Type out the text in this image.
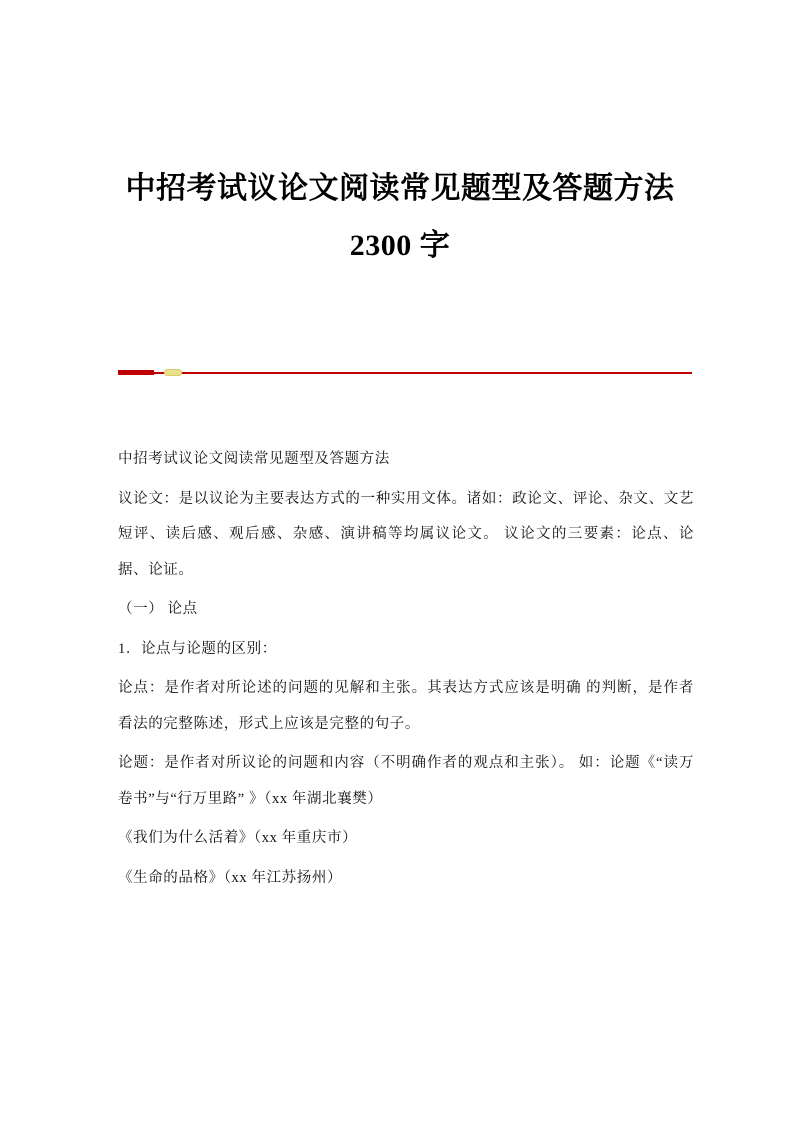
中招考试议论文阅读常见题型及答题方法 2300 字

中招考试议论文阅读常见题型及答题方法

议论文：是以议论为主要表达方式的一种实用文体。诸如：政论文、评论、杂文、文艺短评、读后感、观后感、杂感、演讲稿等均属议论文。 议论文的三要素：论点、论据、论证。

（一） 论点

1．论点与论题的区别：

论点：是作者对所论述的问题的见解和主张。其表达方式应该是明确 的判断，是作者看法的完整陈述，形式上应该是完整的句子。

论题：是作者对所议论的问题和内容（不明确作者的观点和主张）。 如：论题《“读万卷书”与“行万里路” 》（xx 年湖北襄樊）

《我们为什么活着》（xx 年重庆市）

《生命的品格》（xx 年江苏扬州）
